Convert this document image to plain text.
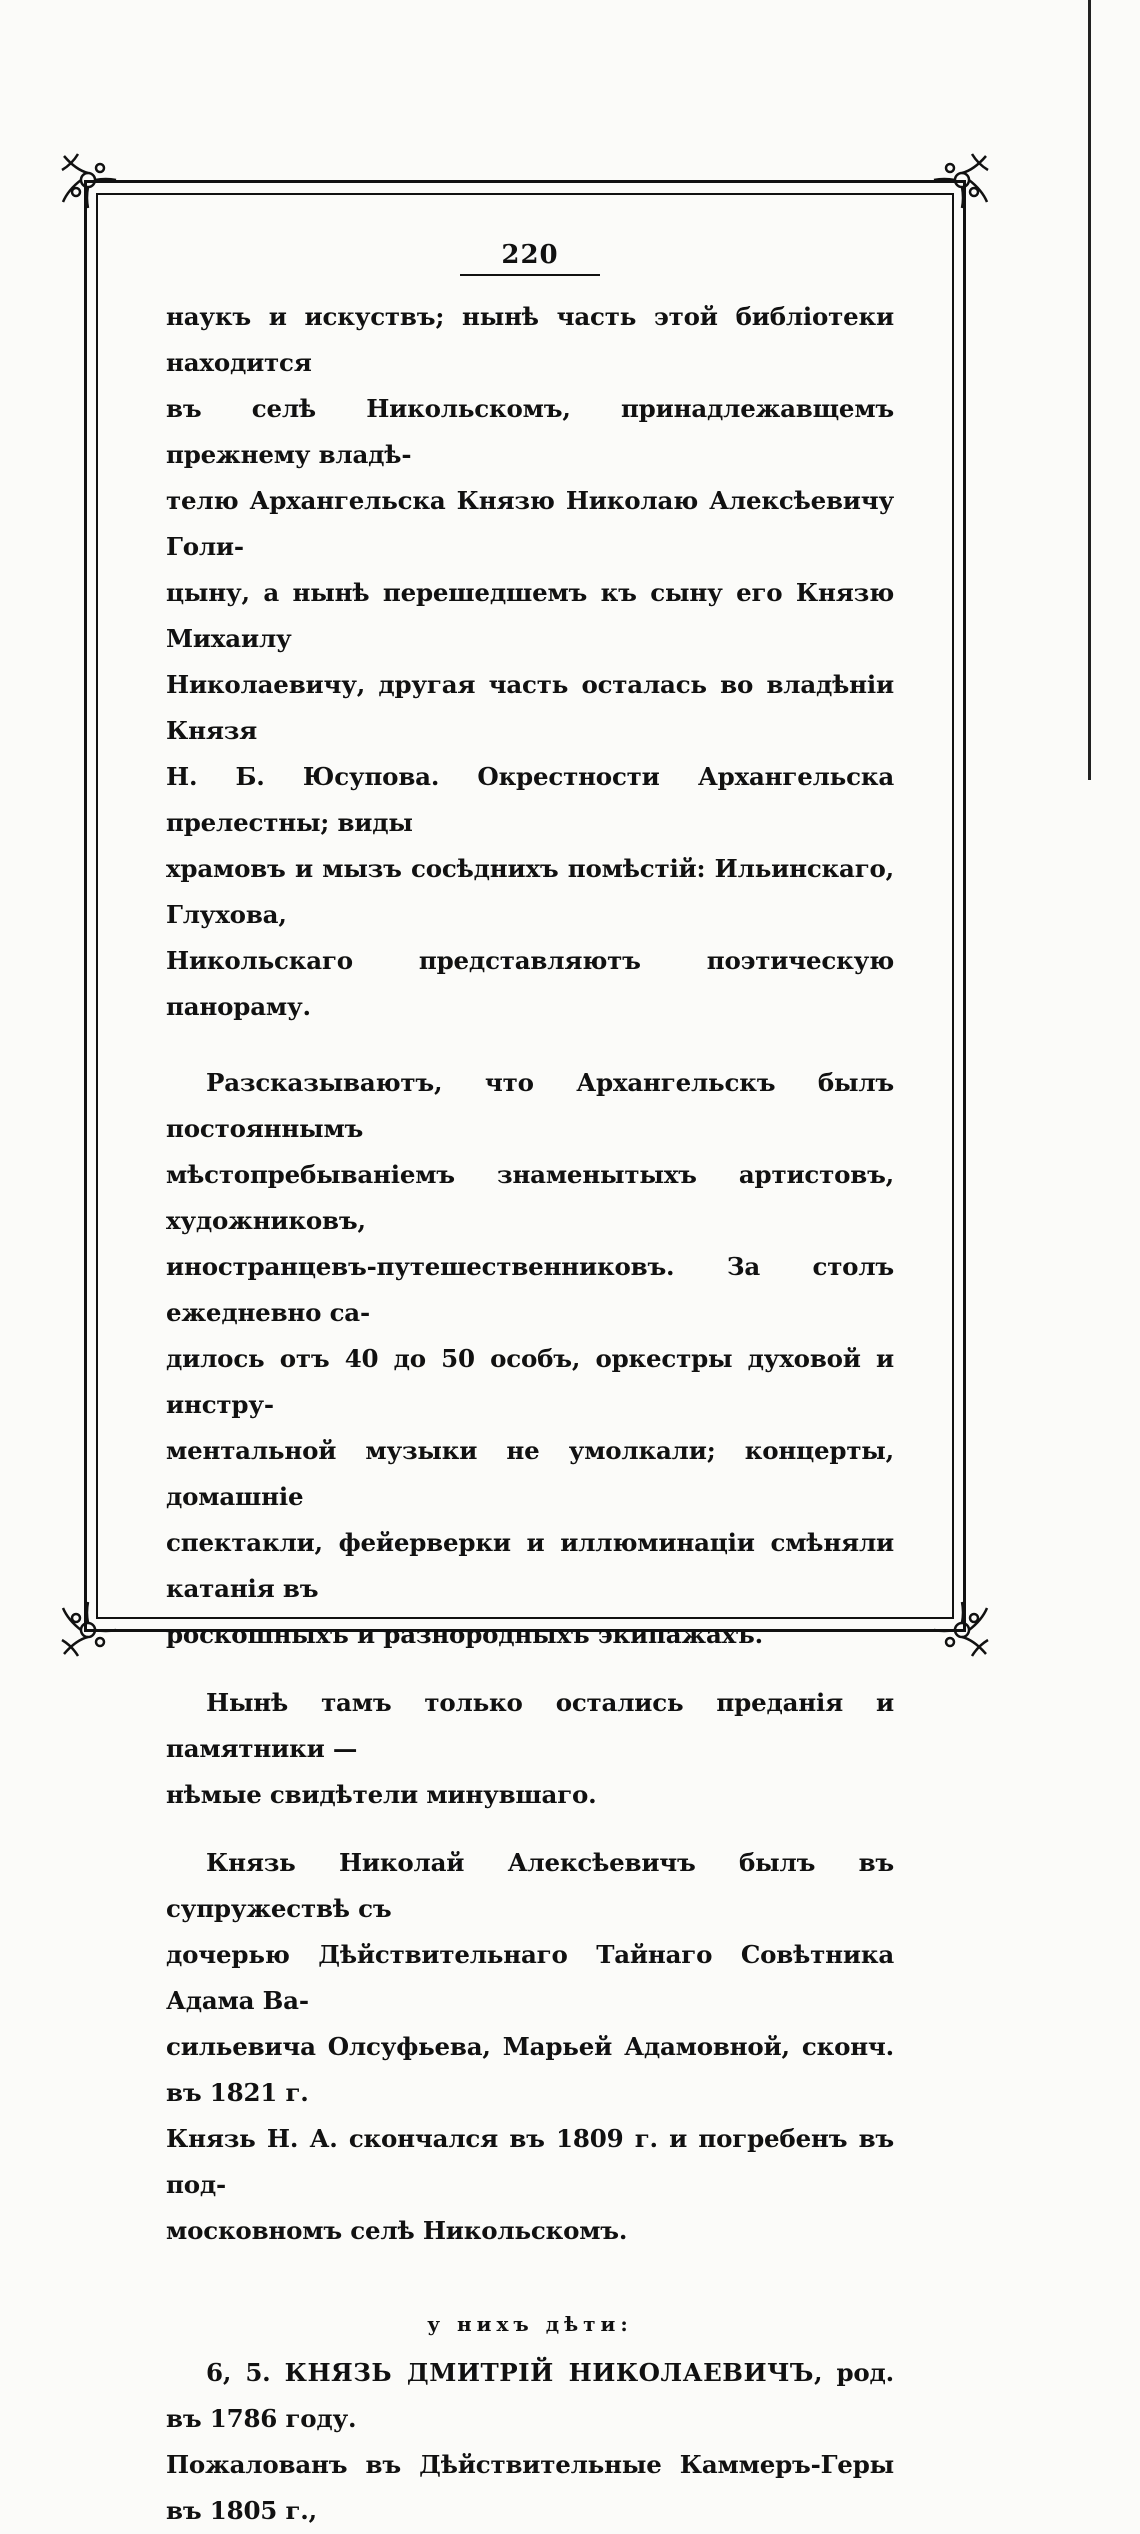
220
наукъ и искуствъ; нынѣ часть этой библіотеки находится
въ селѣ Никольскомъ, принадлежавщемъ прежнему владѣ-
телю Архангельска Князю Николаю Алексѣевичу Голи-
цыну, а нынѣ перешедшемъ къ сыну его Князю Михаилу
Николаевичу, другая часть осталась во владѣніи Князя
Н. Б. Юсупова. Окрестности Архангельска прелестны; виды
храмовъ и мызъ сосѣднихъ помѣстій: Ильинскаго, Глухова,
Никольскаго представляютъ поэтическую панораму.
Разсказываютъ, что Архангельскъ былъ постояннымъ
мѣстопребываніемъ знаменытыхъ артистовъ, художниковъ,
иностранцевъ-путешественниковъ. За столъ ежедневно са-
дилось отъ 40 до 50 особъ, оркестры духовой и инстру-
ментальной музыки не умолкали; концерты, домашніе
спектакли, фейерверки и иллюминаціи смѣняли катанія въ
роскошныхъ и разнородныхъ экипажахъ.
Нынѣ тамъ только остались преданія и памятники —
нѣмые свидѣтели минувшаго.
Князь Николай Алексѣевичъ былъ въ супружествѣ съ
дочерью Дѣйствительнаго Тайнаго Совѣтника Адама Ва-
сильевича Олсуфьева, Марьей Адамовной, сконч. въ 1821 г.
Князь Н. А. скончался въ 1809 г. и погребенъ въ под-
московномъ селѣ Никольскомъ.
у нихъ дѣти:
6, 5. КНЯЗЬ ДМИТРІЙ НИКОЛАЕВИЧЪ, род. въ 1786 году.
Пожалованъ въ Дѣйствительные Каммеръ-Геры въ 1805 г.,
